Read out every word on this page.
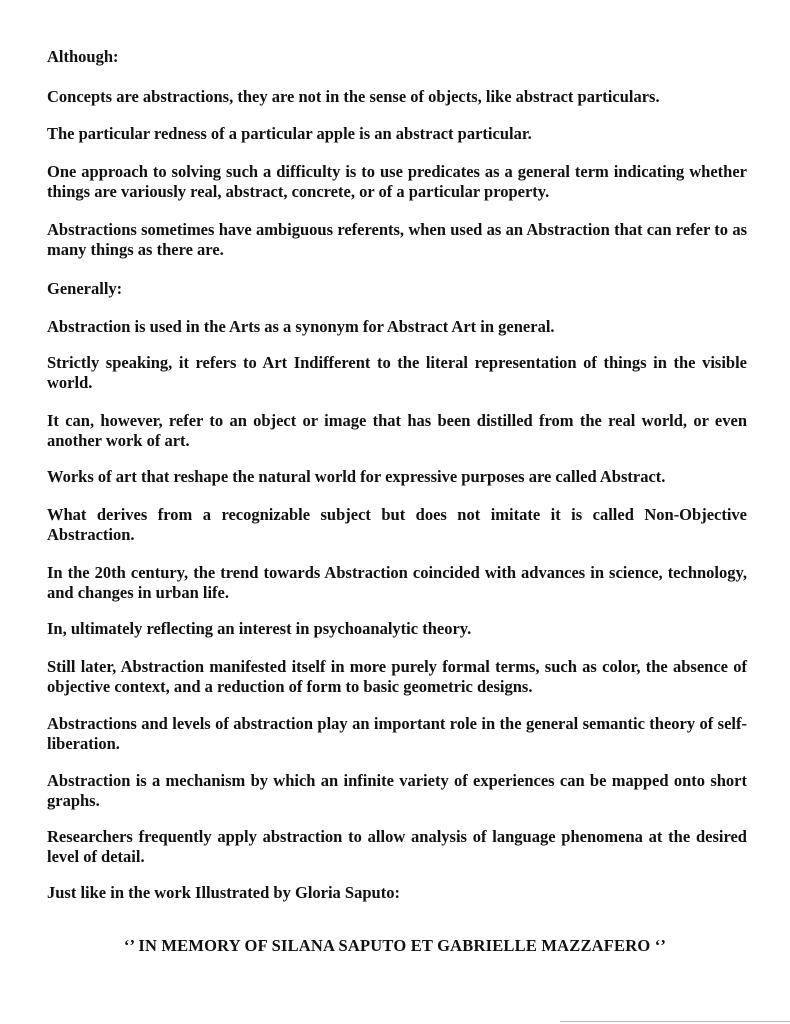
Although:

Concepts are abstractions, they are not in the sense of objects, like abstract particulars.

The particular redness of a particular apple is an abstract particular.

One approach to solving such a difficulty is to use predicates as a general term indicating whether things are variously real, abstract, concrete, or of a particular property.

Abstractions sometimes have ambiguous referents, when used as an Abstraction that can refer to as many things as there are.

Generally:

Abstraction is used in the Arts as a synonym for Abstract Art in general.

Strictly speaking, it refers to Art Indifferent to the literal representation of things in the visible world.

It can, however, refer to an object or image that has been distilled from the real world, or even another work of art.

Works of art that reshape the natural world for expressive purposes are called Abstract.

What derives from a recognizable subject but does not imitate it is called Non-Objective Abstraction.

In the 20th century, the trend towards Abstraction coincided with advances in science, technology, and changes in urban life.

In, ultimately reflecting an interest in psychoanalytic theory.

Still later, Abstraction manifested itself in more purely formal terms, such as color, the absence of objective context, and a reduction of form to basic geometric designs.

Abstractions and levels of abstraction play an important role in the general semantic theory of self-liberation.

Abstraction is a mechanism by which an infinite variety of experiences can be mapped onto short graphs.

Researchers frequently apply abstraction to allow analysis of language phenomena at the desired level of detail.

Just like in the work Illustrated by Gloria Saputo:

‘’ IN MEMORY OF SILANA SAPUTO ET GABRIELLE MAZZAFERO ‘’
